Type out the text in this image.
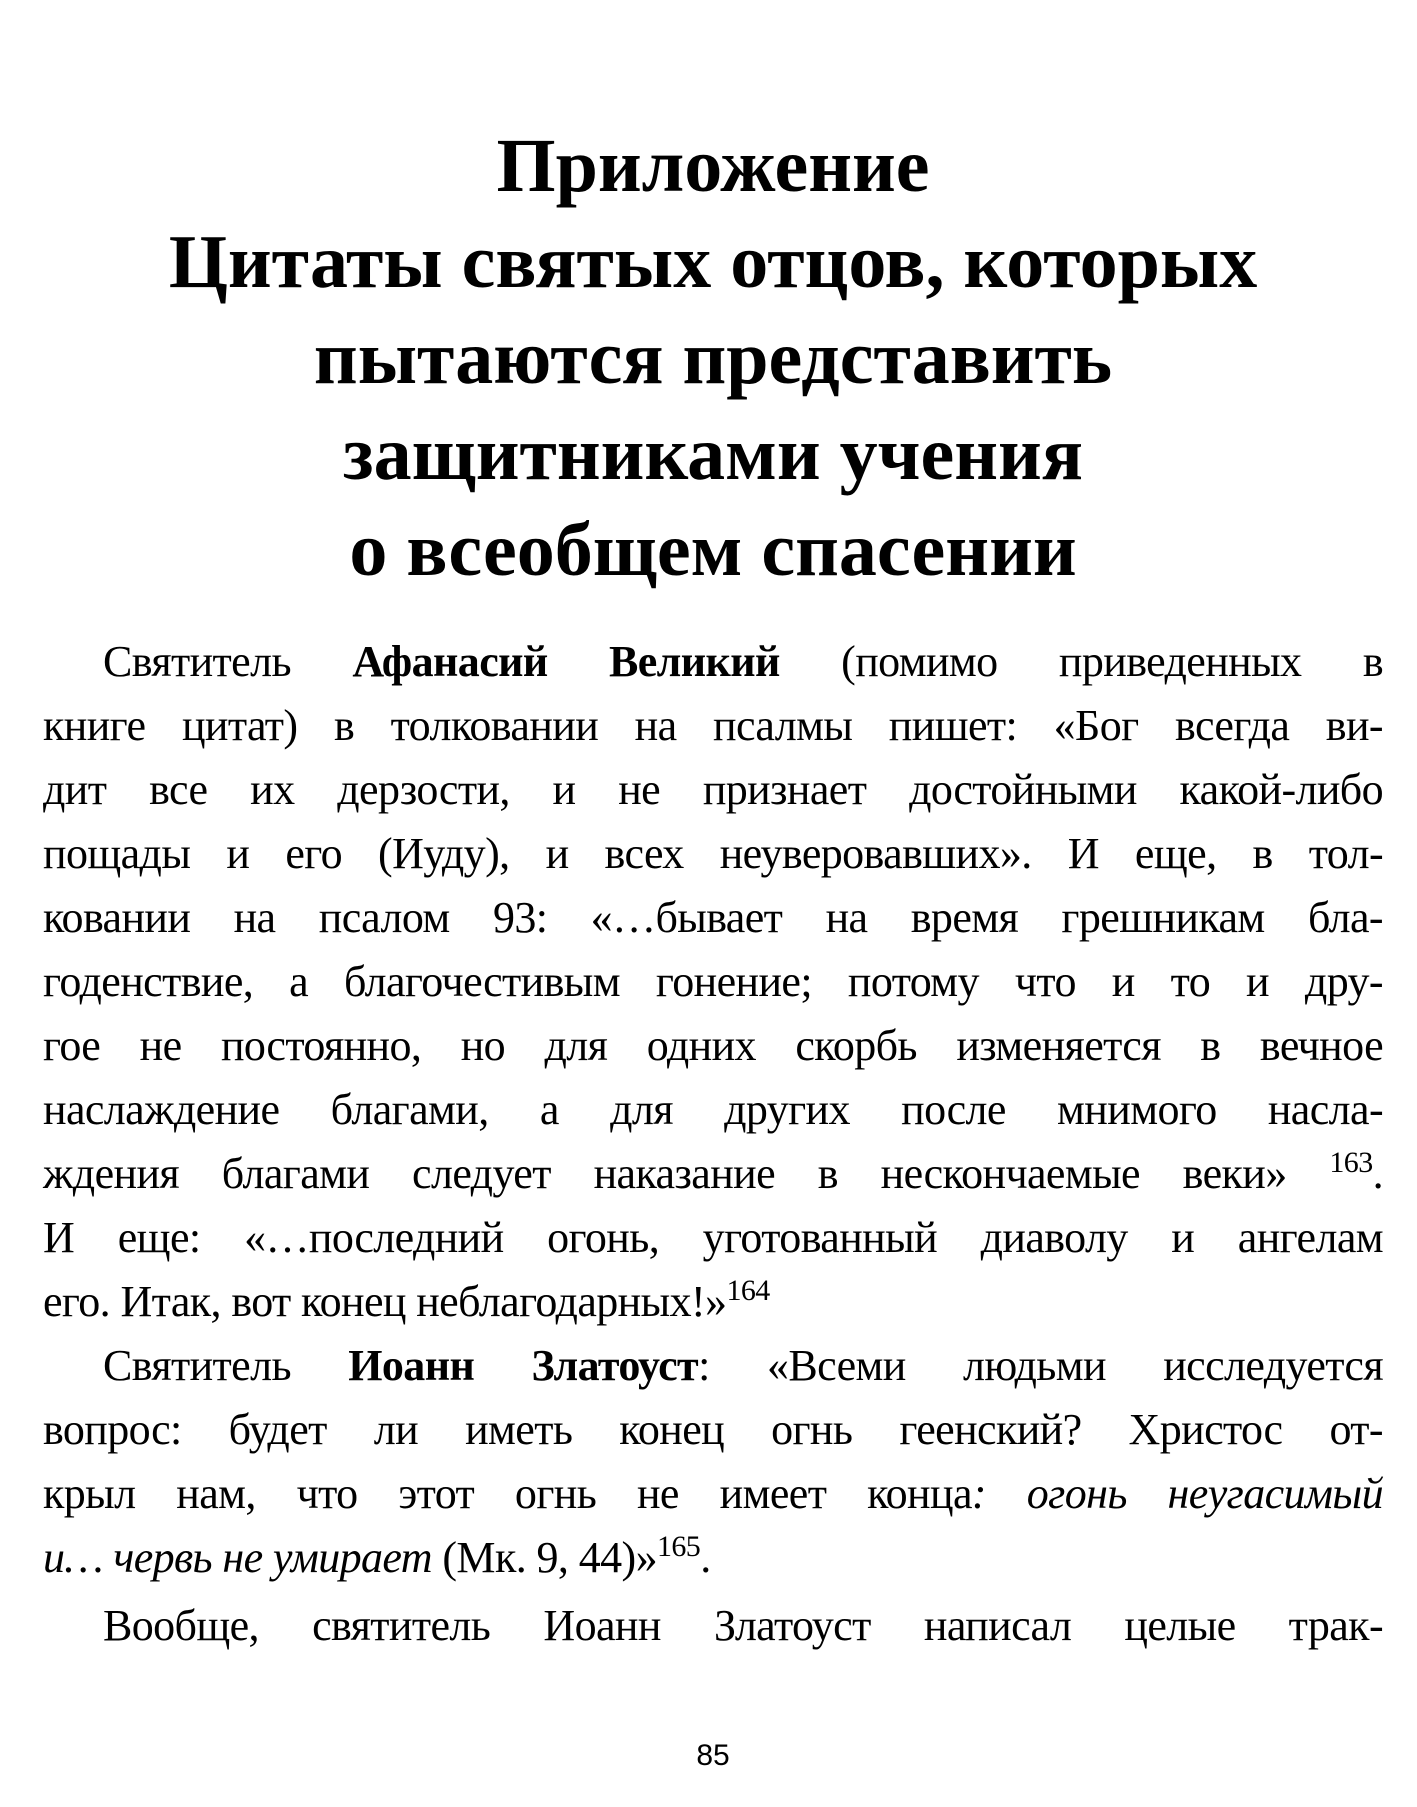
Приложение
Цитаты святых отцов, которых
пытаются представить
защитниками учения
о всеобщем спасении
Святитель Афанасий Великий (помимо приведенных в
книге цитат) в толковании на псалмы пишет: «Бог всегда ви-
дит все их дерзости, и не признает достойными какой-либо
пощады и его (Иуду), и всех неуверовавших». И еще, в тол-
ковании на псалом 93: «…бывает на время грешникам бла-
годенствие, а благочестивым гонение; потому что и то и дру-
гое не постоянно, но для одних скорбь изменяется в вечное
наслаждение благами, а для других после мнимого насла-
ждения благами следует наказание в нескончаемые веки» $^{163}$.
И еще: «…последний огонь, уготованный диаволу и ангелам
его. Итак, вот конец неблагодарных!»$^{164}$
Святитель Иоанн Златоуст: «Всеми людьми исследуется
вопрос: будет ли иметь конец огнь геенский? Христос от-
крыл нам, что этот огнь не имеет конца: огонь неугасимый
и… червь не умирает (Мк. 9, 44)»$^{165}$.
Вообще, святитель Иоанн Златоуст написал целые трак-
85
